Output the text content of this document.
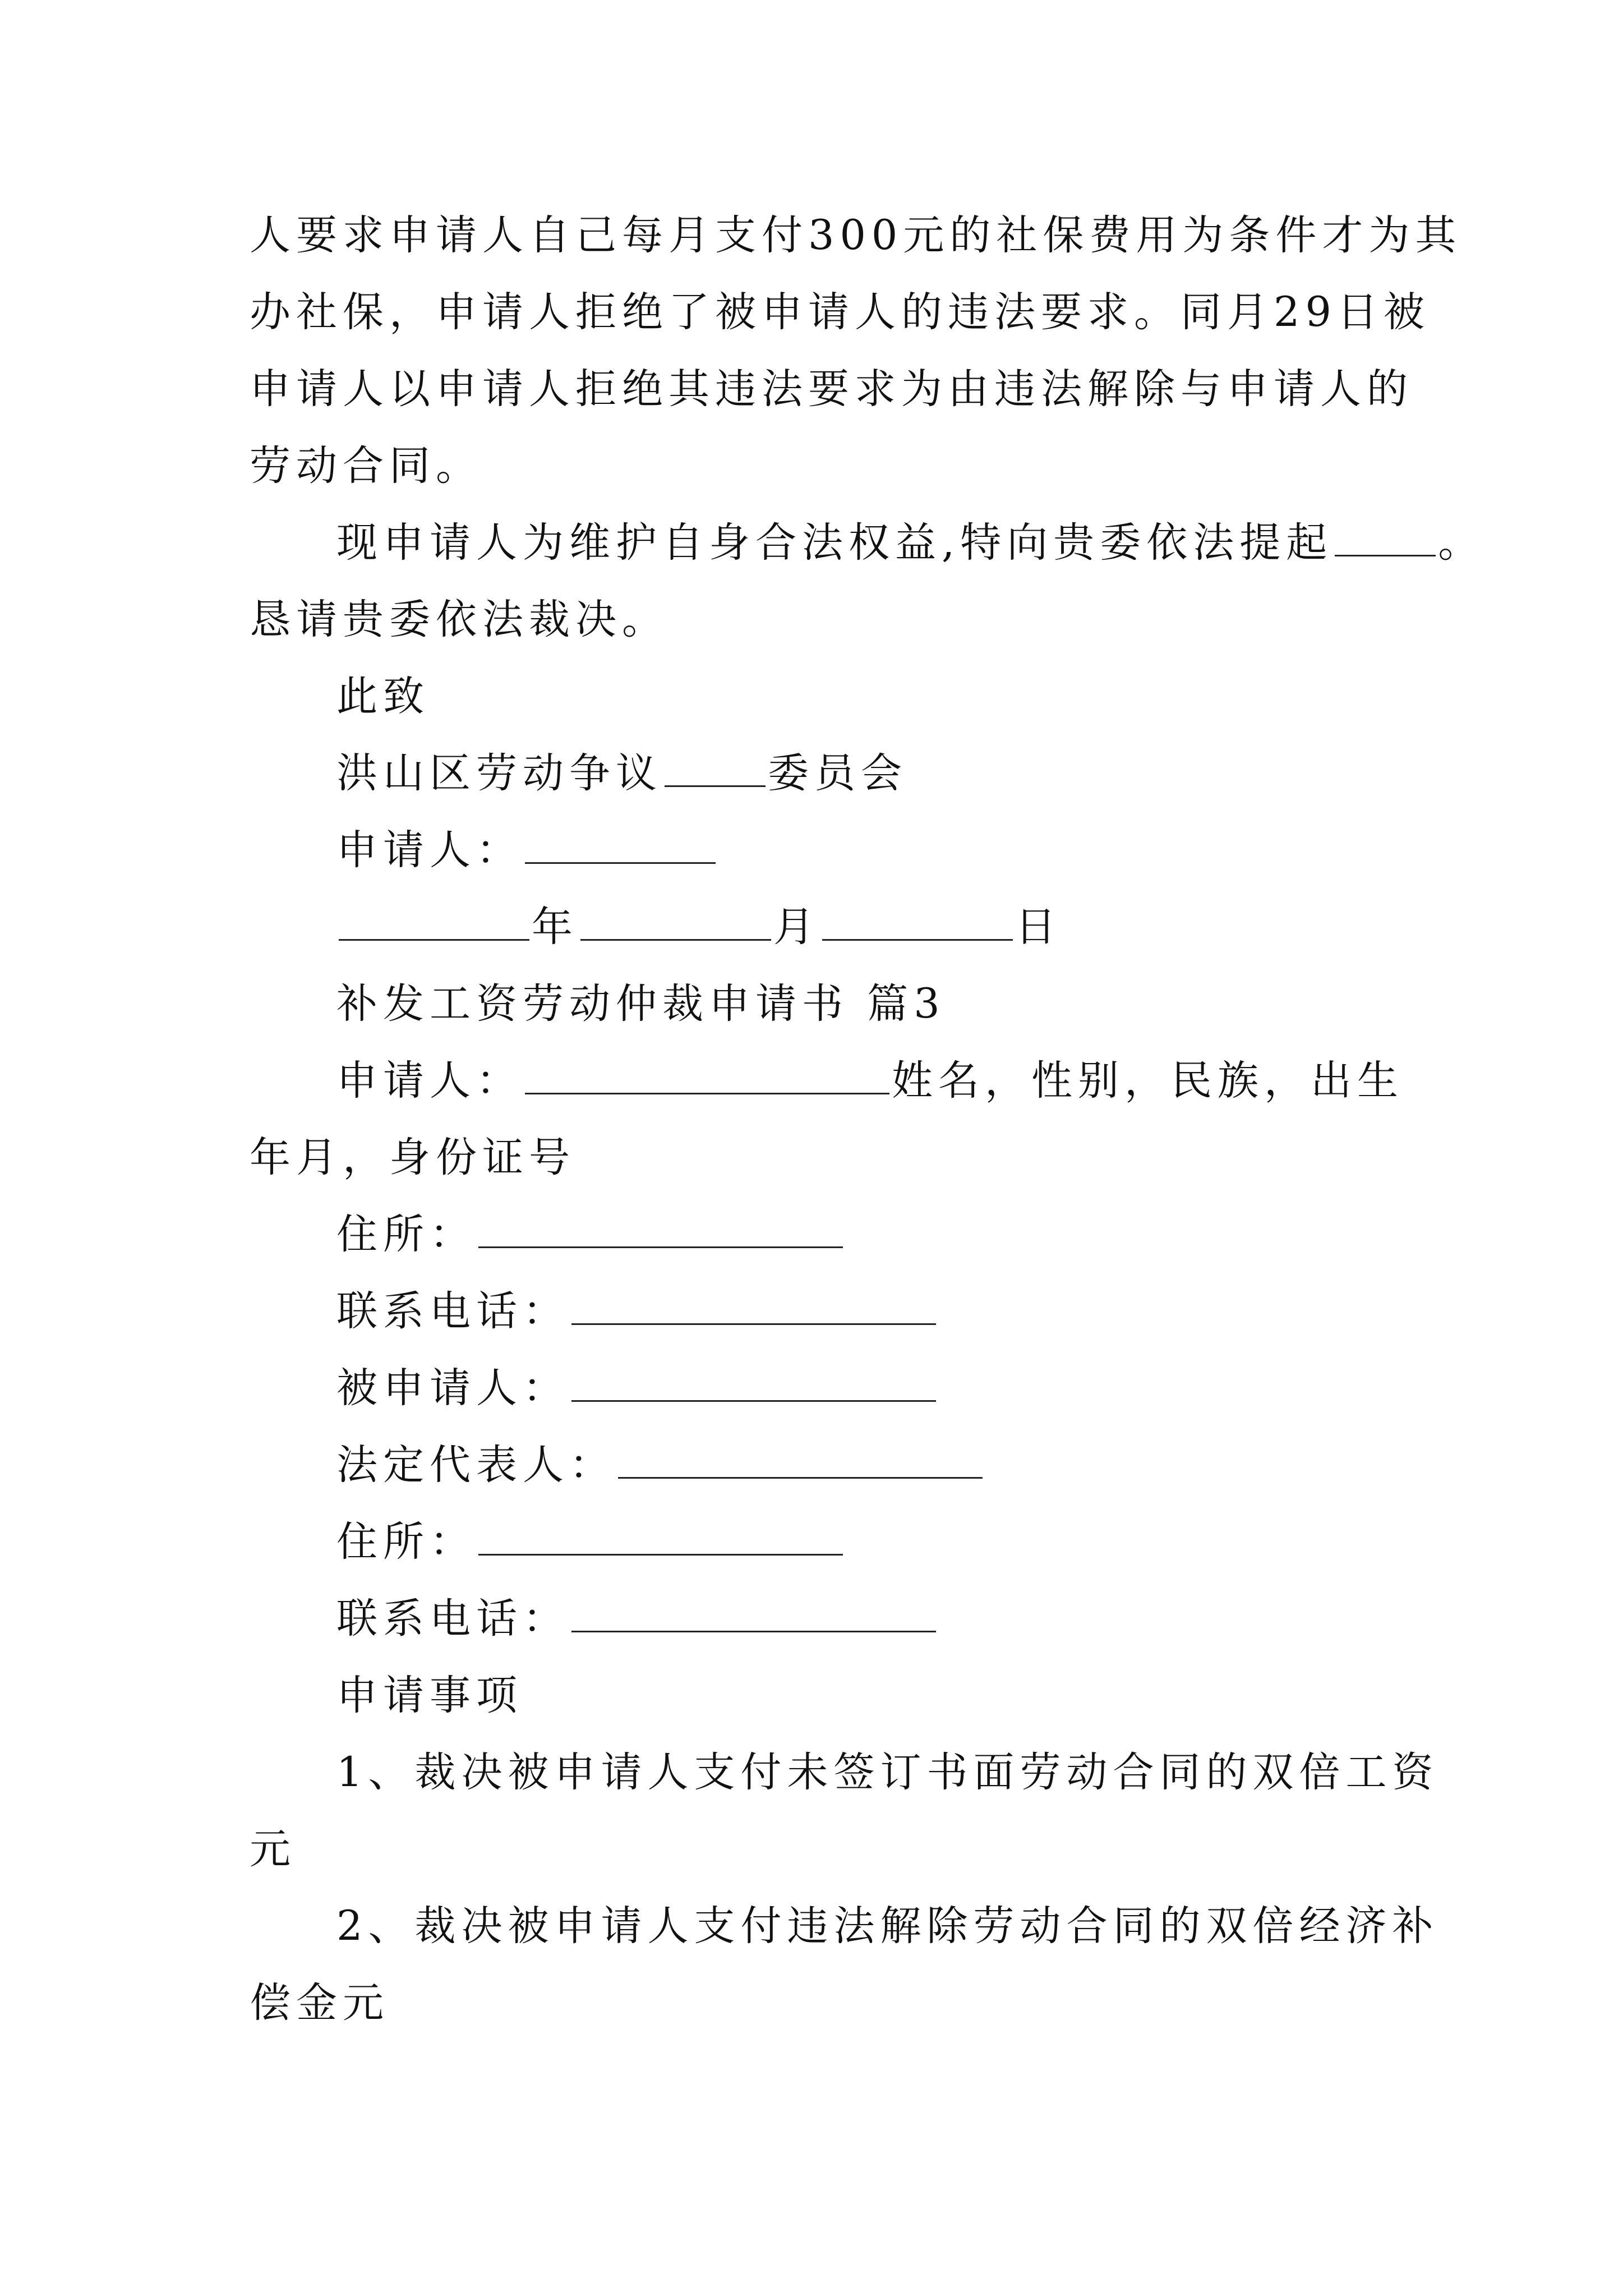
人要求申请人自己每月支付300元的社保费用为条件才为其
办社保，申请人拒绝了被申请人的违法要求。同月29日被
申请人以申请人拒绝其违法要求为由违法解除与申请人的
劳动合同。
现申请人为维护自身合法权益,特向贵委依法提起	。
恳请贵委依法裁决。
此致
洪山区劳动争议	委员会
申请人：
年	月	日
补发工资劳动仲裁申请书 篇3
申请人：	姓名，性别，民族，出生
年月，身份证号
住所：
联系电话：
被申请人：
法定代表人：
住所：
联系电话：
申请事项
1、裁决被申请人支付未签订书面劳动合同的双倍工资
元
2、裁决被申请人支付违法解除劳动合同的双倍经济补
偿金元
